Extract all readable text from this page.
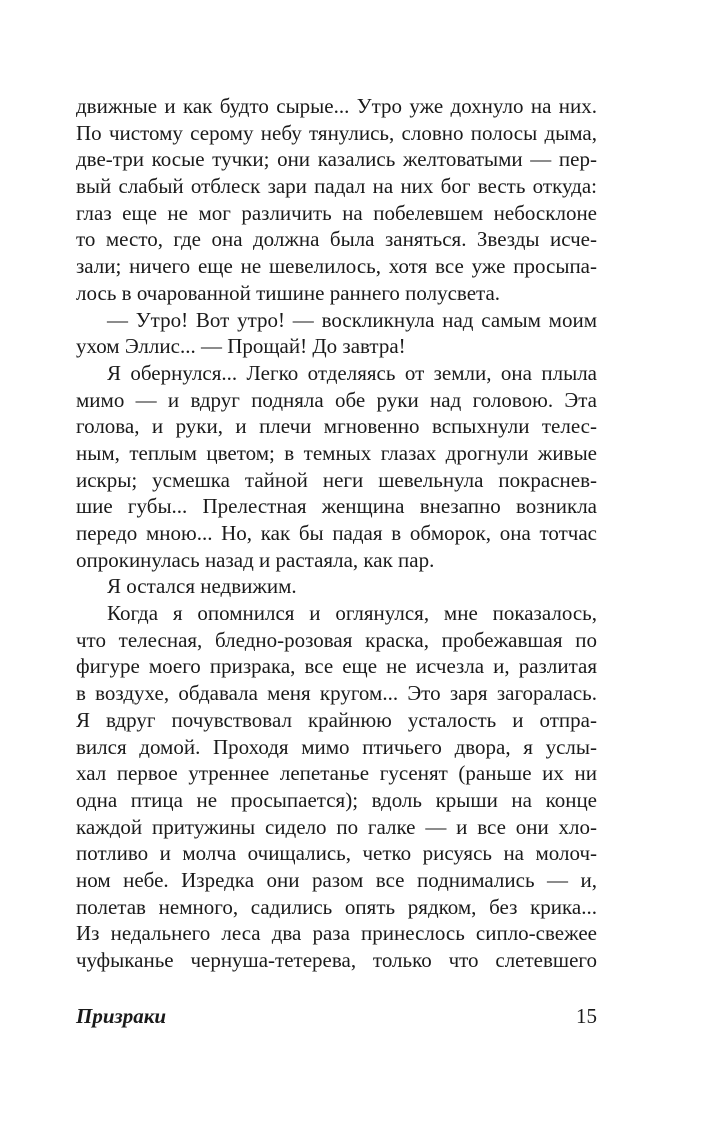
движные и как будто сырые... Утро уже дохнуло на них.
По чистому серому небу тянулись, словно полосы дыма,
две-три косые тучки; они казались желтоватыми — пер-
вый слабый отблеск зари падал на них бог весть откуда:
глаз еще не мог различить на побелевшем небосклоне
то место, где она должна была заняться. Звезды исче-
зали; ничего еще не шевелилось, хотя все уже просыпа-
лось в очарованной тишине раннего полусвета.
— Утро! Вот утро! — воскликнула над самым моим
ухом Эллис... — Прощай! До завтра!
Я обернулся... Легко отделяясь от земли, она плыла
мимо — и вдруг подняла обе руки над головою. Эта
голова, и руки, и плечи мгновенно вспыхнули телес-
ным, теплым цветом; в темных глазах дрогнули живые
искры; усмешка тайной неги шевельнула покраснев-
шие губы... Прелестная женщина внезапно возникла
передо мною... Но, как бы падая в обморок, она тотчас
опрокинулась назад и растаяла, как пар.
Я остался недвижим.
Когда я опомнился и оглянулся, мне показалось,
что телесная, бледно-розовая краска, пробежавшая по
фигуре моего призрака, все еще не исчезла и, разлитая
в воздухе, обдавала меня кругом... Это заря загоралась.
Я вдруг почувствовал крайнюю усталость и отпра-
вился домой. Проходя мимо птичьего двора, я услы-
хал первое утреннее лепетанье гусенят (раньше их ни
одна птица не просыпается); вдоль крыши на конце
каждой притужины сидело по галке — и все они хло-
потливо и молча очищались, четко рисуясь на молоч-
ном небе. Изредка они разом все поднимались — и,
полетав немного, садились опять рядком, без крика...
Из недальнего леса два раза принеслось сипло-свежее
чуфыканье чернуша-тетерева, только что слетевшего
Призраки	15
